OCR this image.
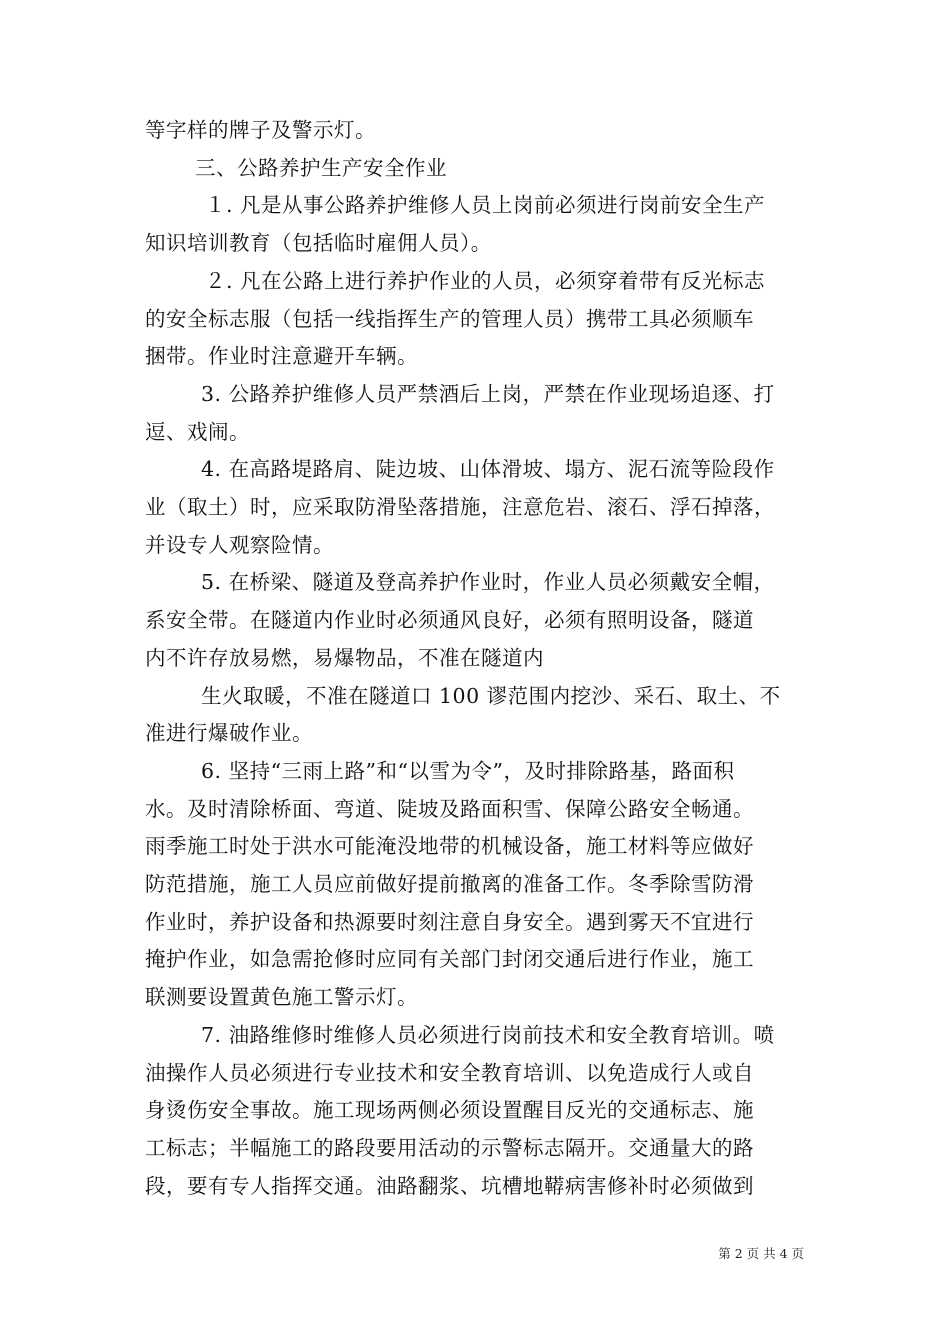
等字样的牌子及警示灯。
三、公路养护生产安全作业
１. 凡是从事公路养护维修人员上岗前必须进行岗前安全生产
知识培训教育（包括临时雇佣人员）。
２. 凡在公路上进行养护作业的人员，必须穿着带有反光标志
的安全标志服（包括一线指挥生产的管理人员）携带工具必须顺车
捆带。作业时注意避开车辆。
3. 公路养护维修人员严禁酒后上岗，严禁在作业现场追逐、打
逗、戏闹。
4. 在高路堤路肩、陡边坡、山体滑坡、塌方、泥石流等险段作
业（取土）时，应采取防滑坠落措施，注意危岩、滚石、浮石掉落，
并设专人观察险情。
5. 在桥梁、隧道及登高养护作业时，作业人员必须戴安全帽，
系安全带。在隧道内作业时必须通风良好，必须有照明设备，隧道
内不许存放易燃，易爆物品，不准在隧道内
生火取暖，不准在隧道口 100 谬范围内挖沙、采石、取土、不
准进行爆破作业。
6. 坚持“三雨上路”和“以雪为令”，及时排除路基，路面积
水。及时清除桥面、弯道、陡坡及路面积雪、保障公路安全畅通。
雨季施工时处于洪水可能淹没地带的机械设备，施工材料等应做好
防范措施，施工人员应前做好提前撤离的准备工作。冬季除雪防滑
作业时，养护设备和热源要时刻注意自身安全。遇到雾天不宜进行
掩护作业，如急需抢修时应同有关部门封闭交通后进行作业，施工
联测要设置黄色施工警示灯。
7. 油路维修时维修人员必须进行岗前技术和安全教育培训。喷
油操作人员必须进行专业技术和安全教育培训、以免造成行人或自
身烫伤安全事故。施工现场两侧必须设置醒目反光的交通标志、施
工标志；半幅施工的路段要用活动的示警标志隔开。交通量大的路
段，要有专人指挥交通。油路翻浆、坑槽地鞯病害修补时必须做到
第 2 页 共 4 页
